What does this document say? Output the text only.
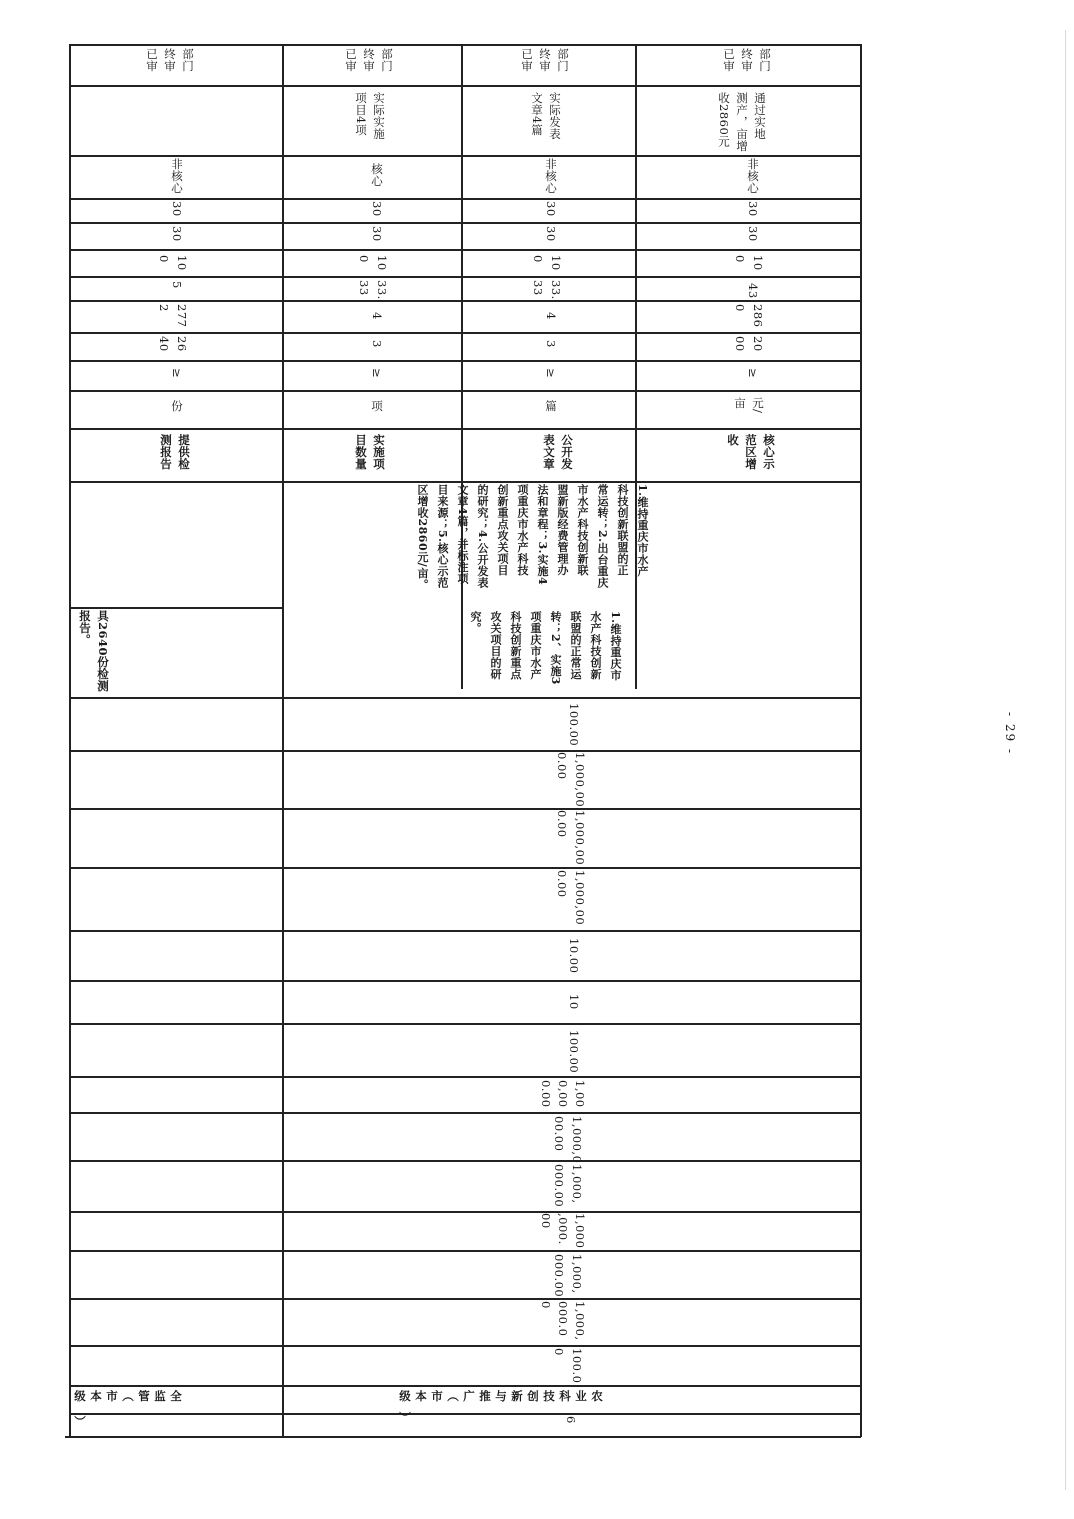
部门
终审
已审
非核心
30
30
10
0
5
277
2
26
40
≥
份
提供检
测报告
具2640份检测
报告。
全
监
管
（
市
本
级）
部门
终审
已审
实际实施
项目4项
核心
30
30
10
0
33.
33
4
3
≥
项
实施项
目数量
1.维持重庆市水产
科技创新联盟的正
常运转；2.出台重庆
市水产科技创新联
盟新版经费管理办
法和章程；3.实施4
项重庆市水产科技
创新重点攻关项目
的研究；4.公开发表
文章4篇，并标注项
目来源；5.核心示范
区增收2860元/亩。
1.维持重庆市
水产科技创新
联盟的正常运
转；2、实施3
项重庆市水产
科技创新重点
攻关项目的研
究。
农
业
科
技
创
新
与
推
广
（
市
本
级）	6
100.00
1,000,00
0.00
1,000,00
0.00
1,000,00
0.00
10.00
10
100.00
1,00
0,00
0.00
1,000,0
00.00
1,000,
000.00
1,000
,000.
00
1,000,
000.00
1,000,
000.0
0
100.0
0
部门
终审
已审
实际发表
文章4篇
非核心
30
30
10
0
33.
33
4
3
≥
篇
公开发
表文章
部门
终审
已审
通过实地
测产，亩增
收2860元
非核心
30
30
10
0
43
286
0
20
00
≥
元/
亩
核心示
范区增
收
- 29 -
